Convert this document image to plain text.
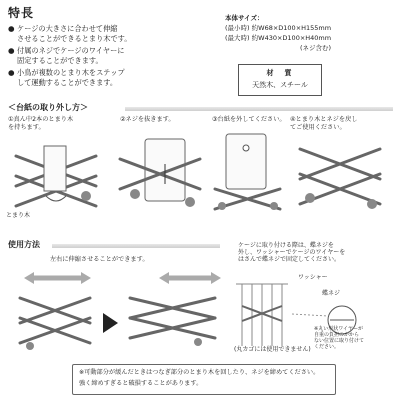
特長
● ケージの大きさに合わせて伸縮
させることができるとまり木です。
● 付属のネジでケージのワイヤーに
固定することができます。
● 小鳥が複数のとまり木をステップ
して運動することができます。
本体サイズ：
(最小時) 約W68×D100×H155mm
(最大時) 約W430×D100×H40mm
(ネジ含む)
材　質
天然木、スチール
＜台紙の取り外し方＞
①真ん中2本のとまり木
を持ちます。
②ネジを抜きます。	③台紙を外してください。 ④とまり木とネジを戻し
てご使用ください。
とまり木
使用方法
左右に伸縮させることができます。
ケージに取り付ける際は、蝶ネジを
外し、ワッシャーでケージのワイヤーを
はさんで蝶ネジで固定してください。
ワッシャー
蝶ネジ
(丸カゴには使用できません)
※丸い形状ワイヤーが
自重の負担のかから
ない位置に取り付けて
ください。
※可動部分が緩んだときはつなぎ部分のとまり木を回したり、ネジを締めてください。
強く締めすぎると破損することがあります。
